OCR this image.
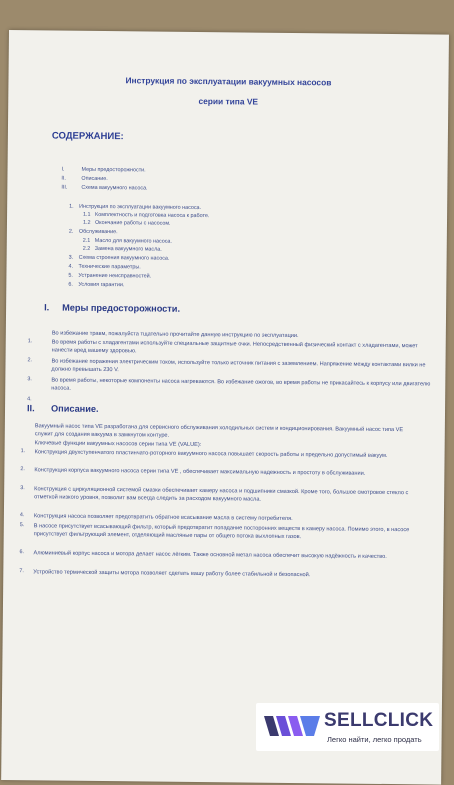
Инструкция по эксплуатации вакуумных насосов
серии типа VE
СОДЕРЖАНИЕ:
I.	Меры предосторожности.
II.	Описание.
III.	Схема вакуумного насоса.
1. Инструкция по эксплуатации вакуумного насоса.
1.1 Комплектность и подготовка насоса к работе.
1.2 Окончание работы с насосом.
2. Обслуживание.
2.1 Масло для вакуумного насоса.
2.2 Замена вакуумного масла.
3. Схема строения вакуумного насоса.
4. Технические параметры.
5. Устранение неисправностей.
6. Условия гарантии.
I. Меры предосторожности.
Во избежание травм, пожалуйста тщательно прочитайте данную инструкцию по эксплуатации.
1.	Во время работы с хладагентами используйте специальные защитные очки. Непосредственный физический контакт с хладагентами, может нанести вред вашему здоровью.
2.	Во избежание поражения электрическим током, используйте только источник питания с заземлением. Напряжение между контактами вилки не должно превышать 230 V.
3.	Во время работы, некоторые компоненты насоса нагреваются. Во избежание ожогов, во время работы не прикасайтесь к корпусу или двигателю насоса.
4.
II. Описание.
Вакуумный насос типа VE разработана для сервисного обслуживания холодильных систем и кондиционирования. Вакуумный насос типа VE служит для создания вакуума в замкнутом контуре.
Ключевые функции вакуумных насосов серии типа VE (VALUE):
1. Конструкция двухступенчатого пластинчато-роторного вакуумного насоса повышает скорость работы и предельно допустимый вакуум.
2. Конструкция корпуса вакуумного насоса серии типа VE , обеспечивает максимальную надежность и простоту в обслуживании.
3. Конструкция с циркуляционной системой смазки обеспечивает камеру насоса и подшипники смазкой. Кроме того, большое смотровое стекло с отметкой низкого уровня, позволит вам всегда следить за расходом вакуумного масла.
4. Конструкция насоса позволяет предотвратить обратное всасывание масла в систему потребителя.
5. В насосе присутствует всасывающий фильтр, который предотвратит попадание посторонних веществ в камеру насоса. Помимо этого, в насосе присутствует фильтрующий элемент, отделяющий масляные пары от общего потока выхлопных газов.
6. Алюминиевый корпус насоса и мотора делает насос лёгким. Также основной метал насоса обеспечит высокую надёжность и качество.
7. Устройство термической защиты мотора позволяет сделать вашу работу более стабильной и безопасной.
SELLCLICK
Легко найти, легко продать
